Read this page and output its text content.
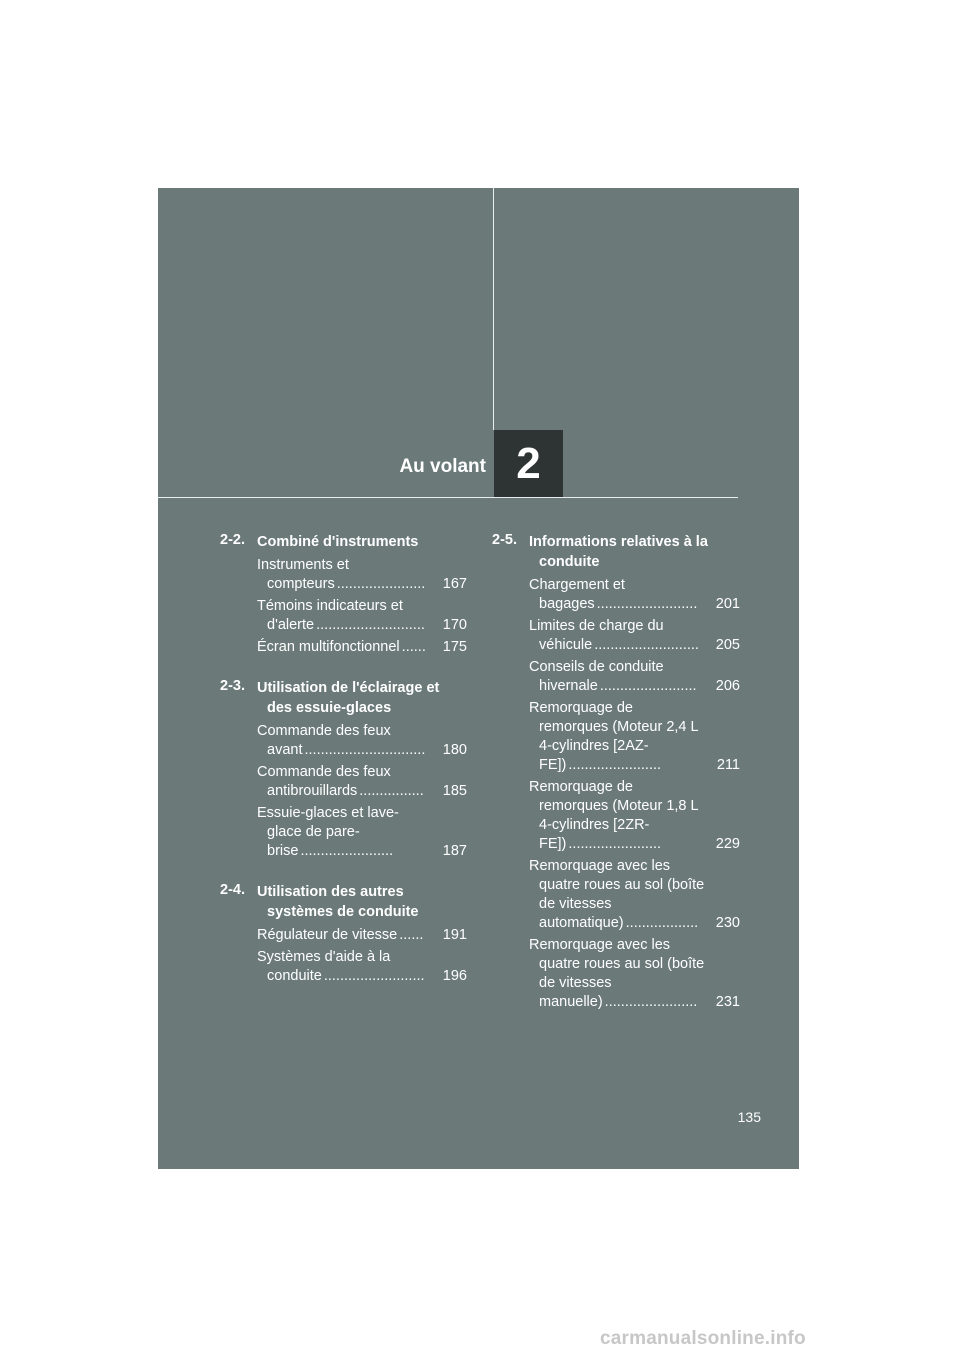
Au volant 2
2-2. Combiné d'instruments
Instruments et compteurs ......................	167
Témoins indicateurs et d'alerte ...........................	170
Écran multifonctionnel ......	175
2-3. Utilisation de l'éclairage et des essuie-glaces
Commande des feux avant ..............................	180
Commande des feux antibrouillards ................	185
Essuie-glaces et lave-glace de pare-brise .......................	187
2-4. Utilisation des autres systèmes de conduite
Régulateur de vitesse ......	191
Systèmes d'aide à la conduite .........................	196
2-5. Informations relatives à la conduite
Chargement et bagages .........................	201
Limites de charge du véhicule ..........................	205
Conseils de conduite hivernale ........................	206
Remorquage de remorques (Moteur 2,4 L 4-cylindres [2AZ-FE]) .......................	211
Remorquage de remorques (Moteur 1,8 L 4-cylindres [2ZR-FE]) .......................	229
Remorquage avec les quatre roues au sol (boîte de vitesses automatique) ..................	230
Remorquage avec les quatre roues au sol (boîte de vitesses manuelle) .......................	231
135
carmanualsonline.info
